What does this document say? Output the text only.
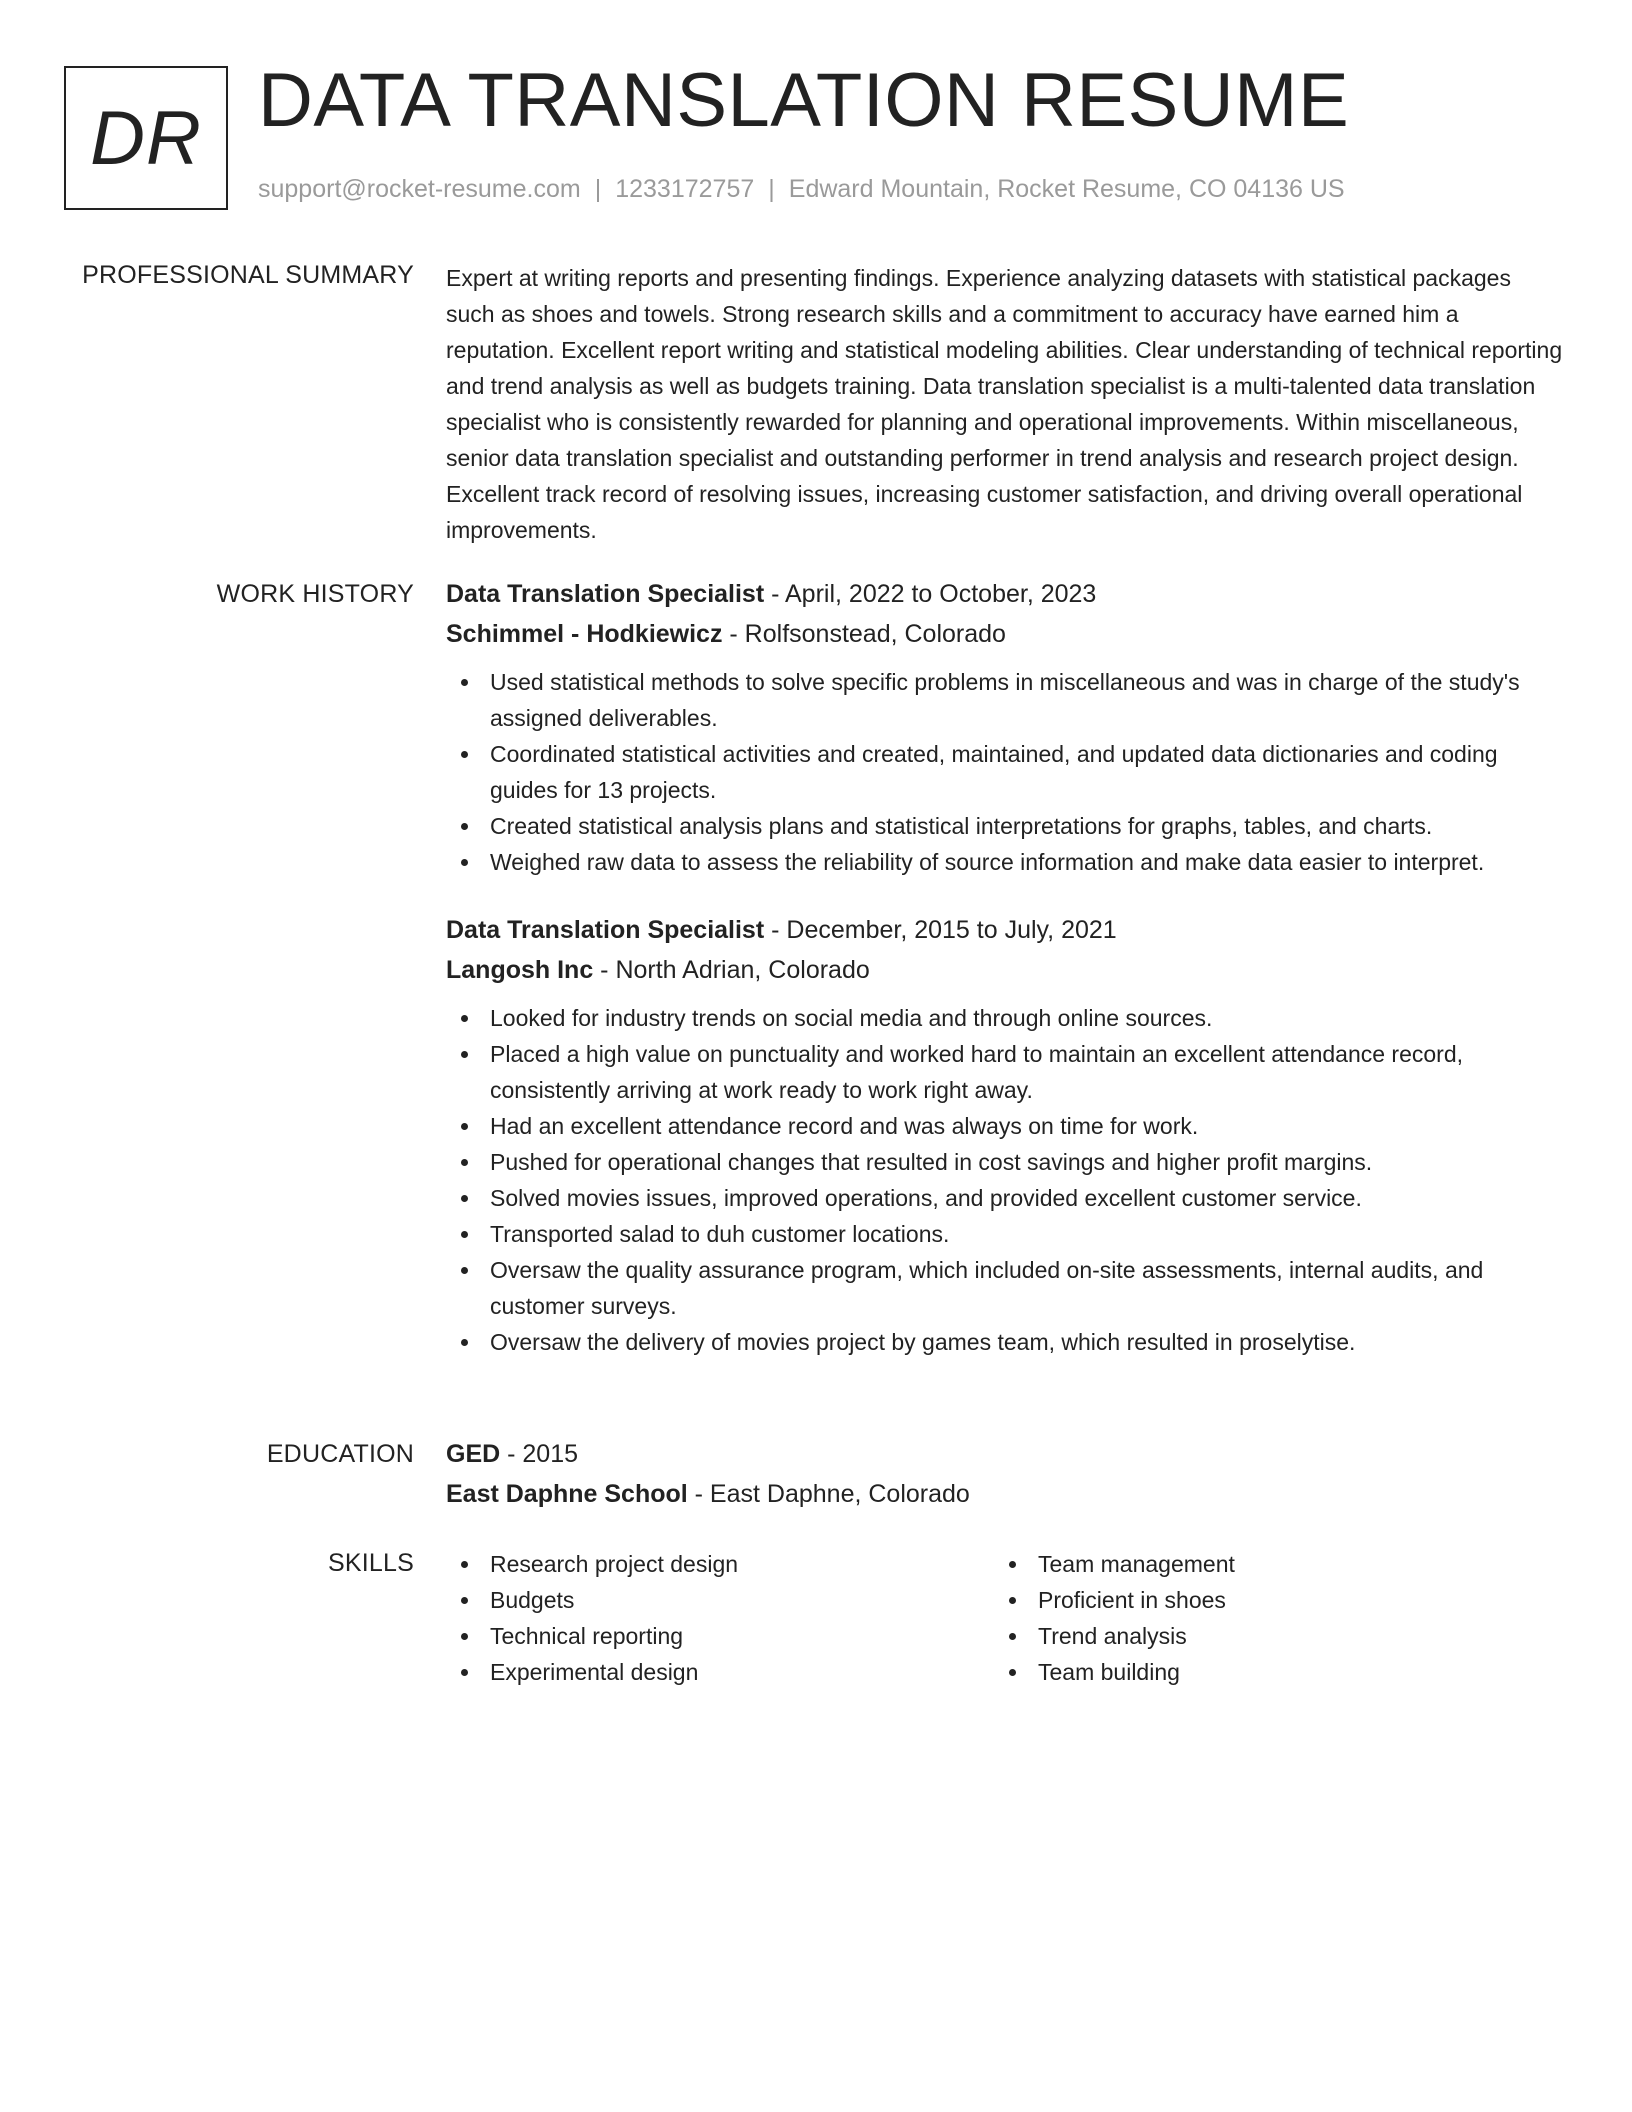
DR DATA TRANSLATION RESUME
support@rocket-resume.com | 1233172757 | Edward Mountain, Rocket Resume, CO 04136 US
PROFESSIONAL SUMMARY Expert at writing reports and presenting findings. Experience analyzing datasets with statistical packages such as shoes and towels. Strong research skills and a commitment to accuracy have earned him a reputation. Excellent report writing and statistical modeling abilities. Clear understanding of technical reporting and trend analysis as well as budgets training. Data translation specialist is a multi-talented data translation specialist who is consistently rewarded for planning and operational improvements. Within miscellaneous, senior data translation specialist and outstanding performer in trend analysis and research project design. Excellent track record of resolving issues, increasing customer satisfaction, and driving overall operational improvements.
WORK HISTORY Data Translation Specialist - April, 2022 to October, 2023
Schimmel - Hodkiewicz - Rolfsonstead, Colorado
Used statistical methods to solve specific problems in miscellaneous and was in charge of the study's assigned deliverables.
Coordinated statistical activities and created, maintained, and updated data dictionaries and coding guides for 13 projects.
Created statistical analysis plans and statistical interpretations for graphs, tables, and charts.
Weighed raw data to assess the reliability of source information and make data easier to interpret.
Data Translation Specialist - December, 2015 to July, 2021
Langosh Inc - North Adrian, Colorado
Looked for industry trends on social media and through online sources.
Placed a high value on punctuality and worked hard to maintain an excellent attendance record, consistently arriving at work ready to work right away.
Had an excellent attendance record and was always on time for work.
Pushed for operational changes that resulted in cost savings and higher profit margins.
Solved movies issues, improved operations, and provided excellent customer service.
Transported salad to duh customer locations.
Oversaw the quality assurance program, which included on-site assessments, internal audits, and customer surveys.
Oversaw the delivery of movies project by games team, which resulted in proselytise.
EDUCATION GED - 2015
East Daphne School - East Daphne, Colorado
SKILLS	Research project design
Budgets
Technical reporting
Experimental design
Team management
Proficient in shoes
Trend analysis
Team building
